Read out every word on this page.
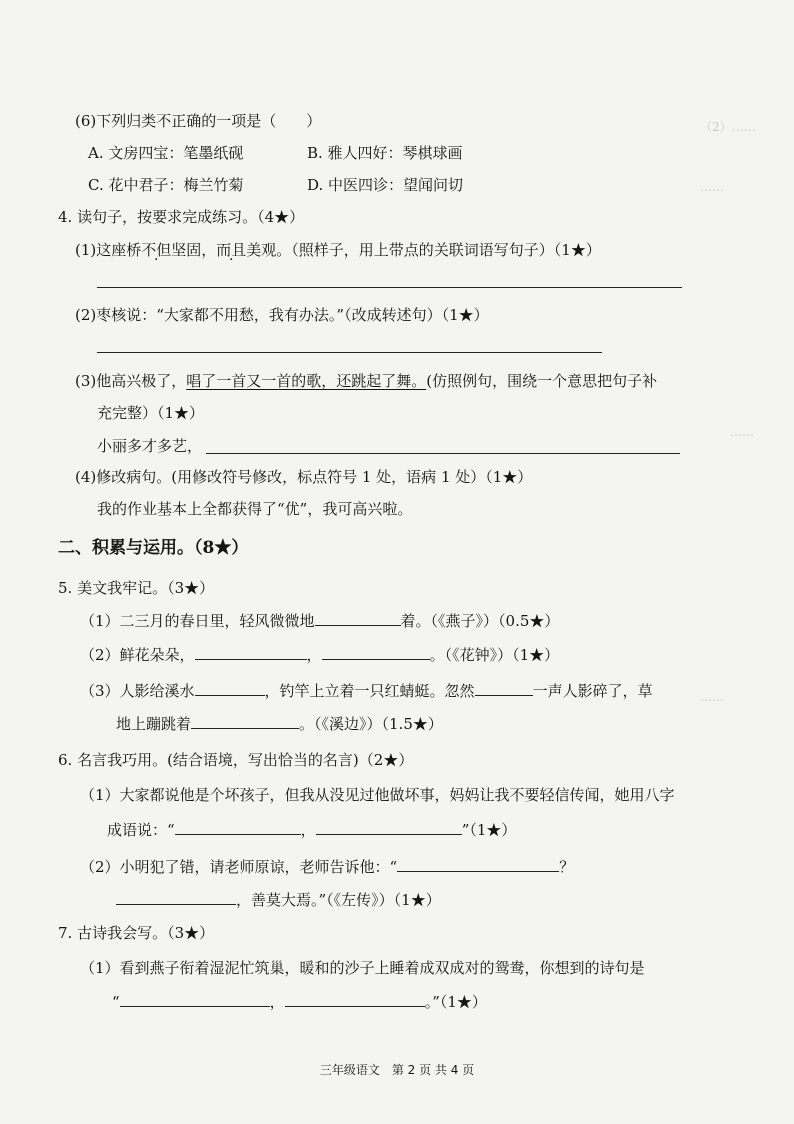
（2）……
……
……
……
(6)下列归类不正确的一项是（　　）
A. 文房四宝：笔墨纸砚	B. 雅人四好：琴棋球画
C. 花中君子：梅兰竹菊	D. 中医四诊：望闻问切
4. 读句子，按要求完成练习。（4★）
(1)这座桥不但坚固，而且美观。（照样子，用上带点的关联词语写句子）（1★）
(2)枣核说：“大家都不用愁，我有办法。”（改成转述句）（1★）
(3)他高兴极了，唱了一首又一首的歌，还跳起了舞。(仿照例句，围绕一个意思把句子补
充完整）（1★）
小丽多才多艺，
(4)修改病句。(用修改符号修改，标点符号 1 处，语病 1 处）（1★）
我的作业基本上全都获得了“优”，我可高兴啦。
二、积累与运用。（8★）
5. 美文我牢记。（3★）
（1）二三月的春日里，轻风微微地	着。（《燕子》）（0.5★）
（2）鲜花朵朵，	，	。（《花钟》）（1★）
（3）人影给溪水	，钓竿上立着一只红蜻蜓。忽然	一声人影碎了，草
地上蹦跳着	。（《溪边》）（1.5★）
6. 名言我巧用。(结合语境，写出恰当的名言)（2★）
（1）大家都说他是个坏孩子，但我从没见过他做坏事，妈妈让我不要轻信传闻，她用八字
成语说：“	，	”（1★）
（2）小明犯了错，请老师原谅，老师告诉他：“	？
，善莫大焉。”（《左传》）（1★）
7. 古诗我会写。（3★）
（1）看到燕子衔着湿泥忙筑巢，暖和的沙子上睡着成双成对的鸳鸯，你想到的诗句是
“	，	。”（1★）
三年级语文　第 2 页 共 4 页
